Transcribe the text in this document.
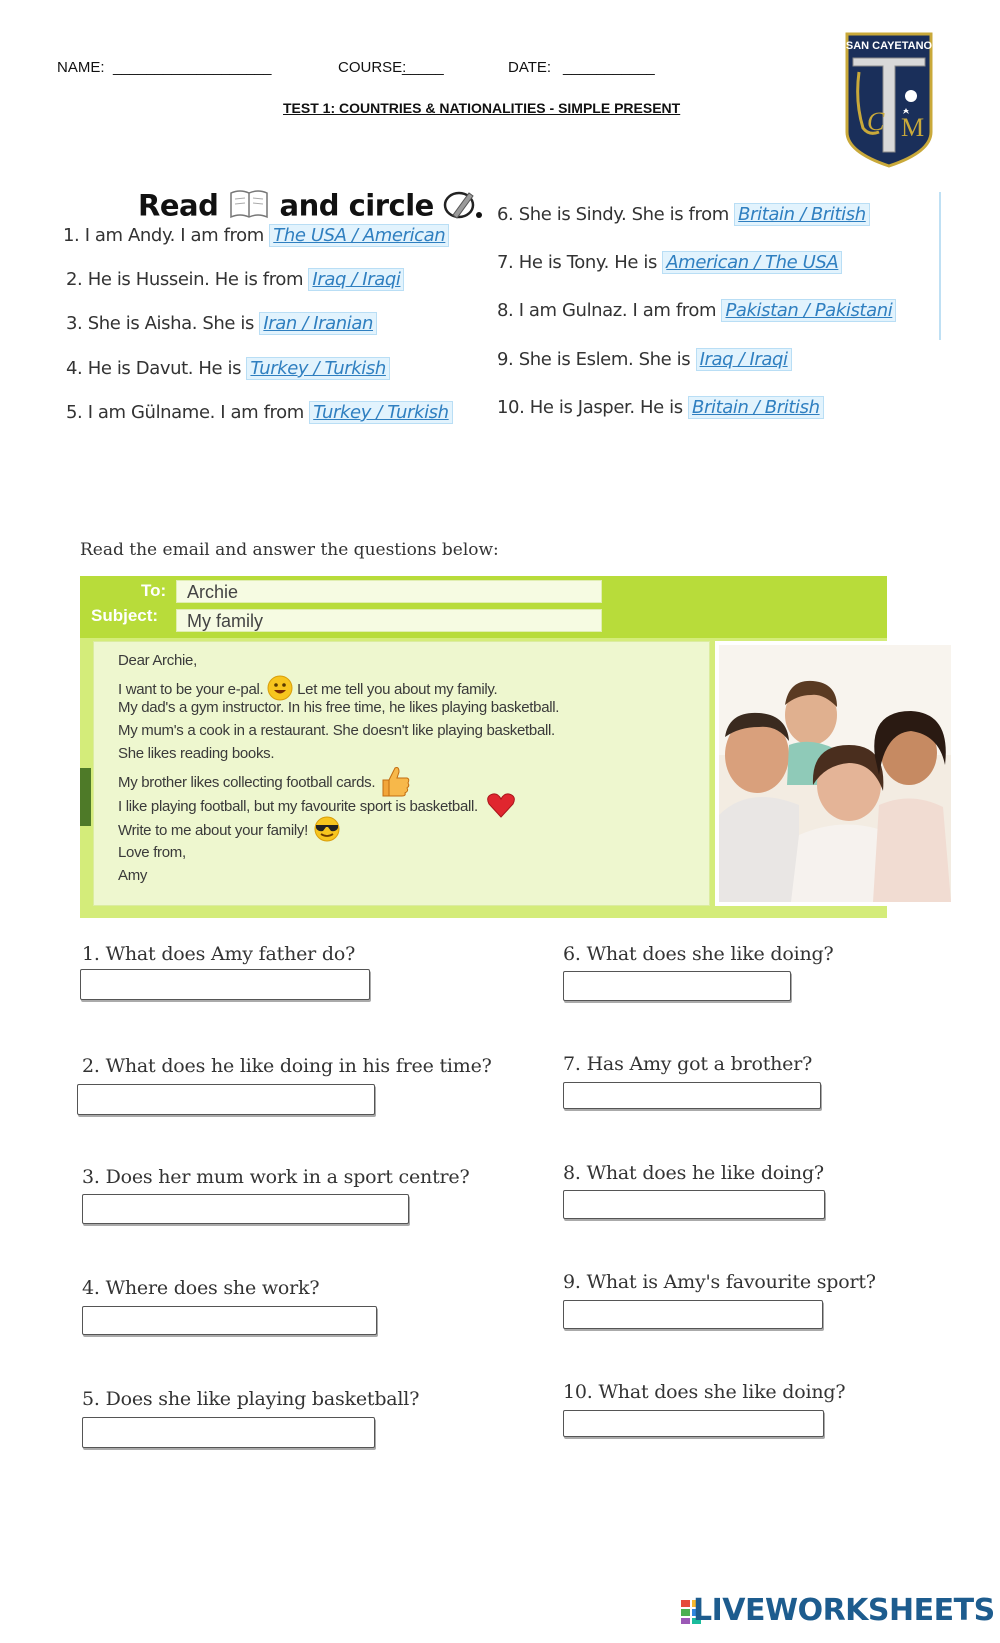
NAME: ___________________	COURSE:
_____	DATE: ___________
TEST 1: COUNTRIES & NATIONALITIES - SIMPLE PRESENT
SAN CAYETANO
C M
Read and circle
1. I am Andy. I am from The USA / American
2. He is Hussein. He is from Iraq / Iraqi
3. She is Aisha. She is Iran / Iranian
4. He is Davut. He is Turkey / Turkish
5. I am Gülname. I am from Turkey / Turkish
6. She is Sindy. She is from Britain / British
7. He is Tony. He is American / The USA
8. I am Gulnaz. I am from Pakistan / Pakistani
9. She is Eslem. She is Iraq / Iraqi
10. He is Jasper. He is Britain / British
Read the email and answer the questions below:
To:
Subject:
Archie
My family
Dear Archie,
I want to be your e-pal. Let me tell you about my family.
My dad's a gym instructor. In his free time, he likes playing basketball.
My mum's a cook in a restaurant. She doesn't like playing basketball.
She likes reading books.
My brother likes collecting football cards.
I like playing football, but my favourite sport is basketball.
Write to me about your family!
Love from,
Amy
1. What does Amy father do?
2. What does he like doing in his free time?
3. Does her mum work in a sport centre?
4. Where does she work?
5. Does she like playing basketball?
6. What does she like doing?
7. Has Amy got a brother?
8. What does he like doing?
9. What is Amy's favourite sport?
10. What does she like doing?
LIVEWORKSHEETS
